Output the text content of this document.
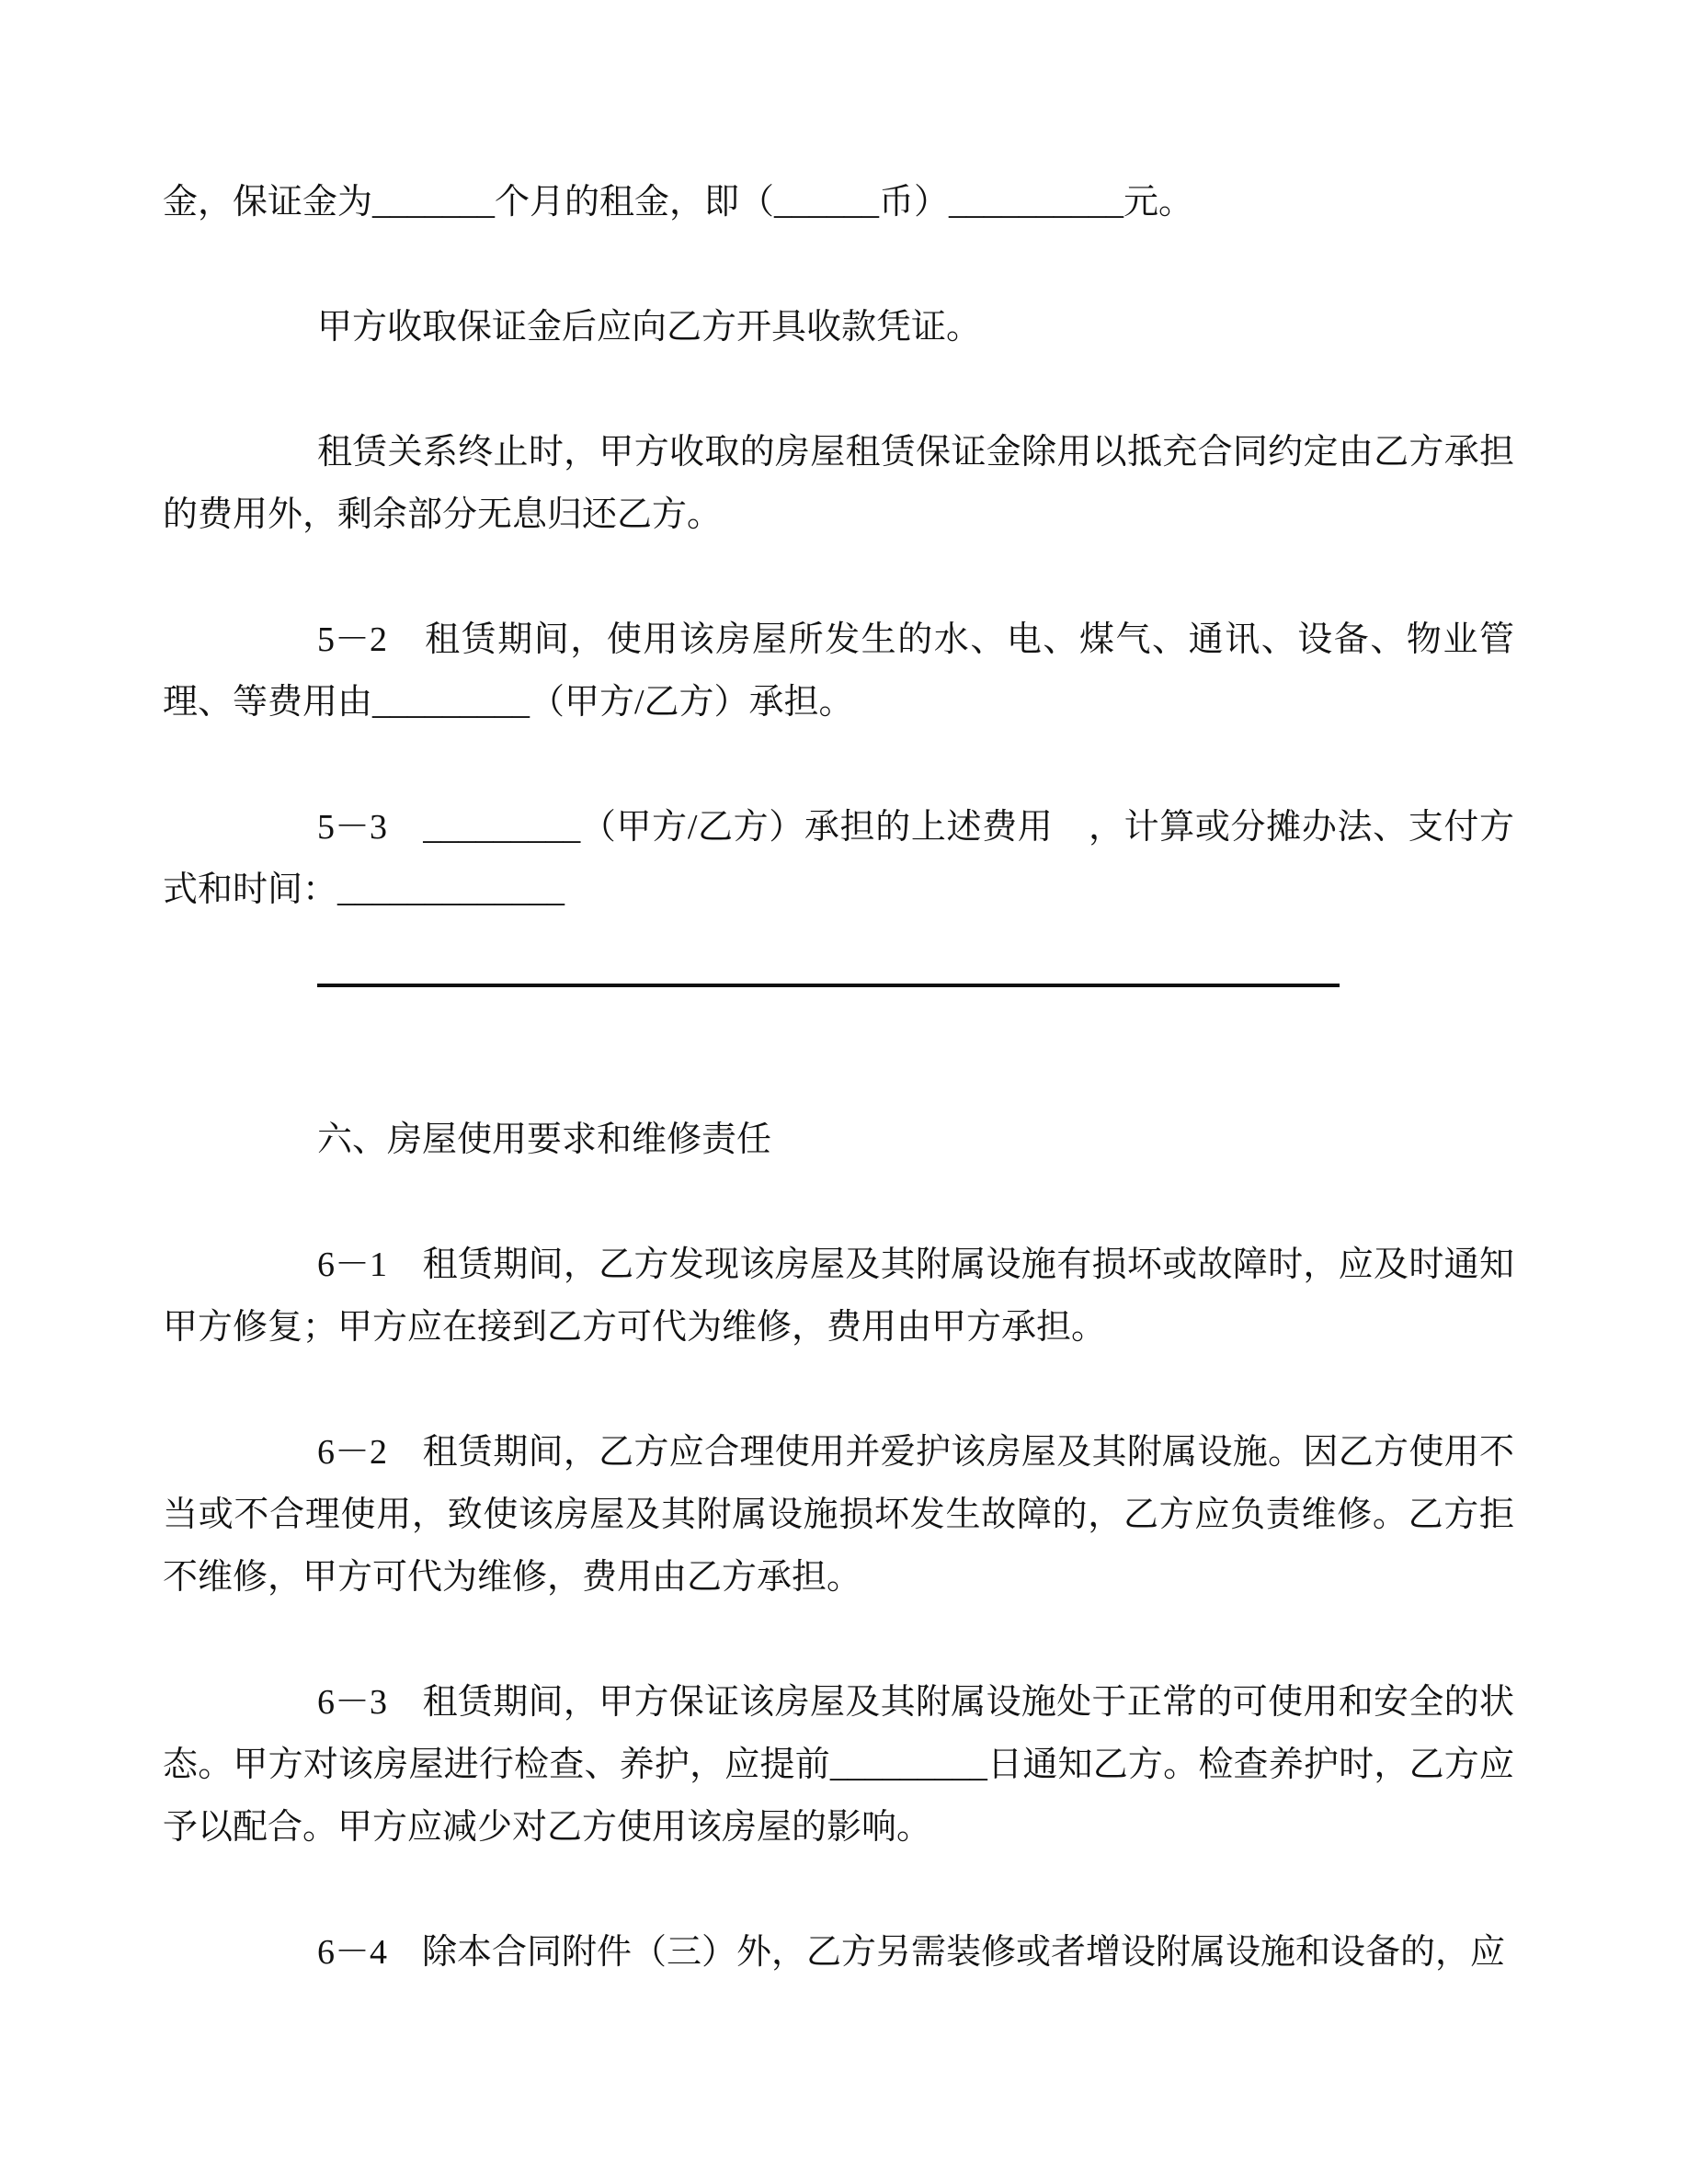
金，保证金为_______个月的租金，即（______币）__________元。

甲方收取保证金后应向乙方开具收款凭证。

租赁关系终止时，甲方收取的房屋租赁保证金除用以抵充合同约定由乙方承担的费用外，剩余部分无息归还乙方。

5－2　租赁期间，使用该房屋所发生的水、电、煤气、通讯、设备、物业管理、等费用由_________（甲方/乙方）承担。

5－3　_________（甲方/乙方）承担的上述费用　，计算或分摊办法、支付方式和时间：_____________

六、房屋使用要求和维修责任

6－1　租赁期间，乙方发现该房屋及其附属设施有损坏或故障时，应及时通知甲方修复；甲方应在接到乙方可代为维修，费用由甲方承担。

6－2　租赁期间，乙方应合理使用并爱护该房屋及其附属设施。因乙方使用不当或不合理使用，致使该房屋及其附属设施损坏发生故障的，乙方应负责维修。乙方拒不维修，甲方可代为维修，费用由乙方承担。

6－3　租赁期间，甲方保证该房屋及其附属设施处于正常的可使用和安全的状态。甲方对该房屋进行检查、养护，应提前_________日通知乙方。检查养护时，乙方应予以配合。甲方应减少对乙方使用该房屋的影响。

6－4　除本合同附件（三）外，乙方另需装修或者增设附属设施和设备的，应
